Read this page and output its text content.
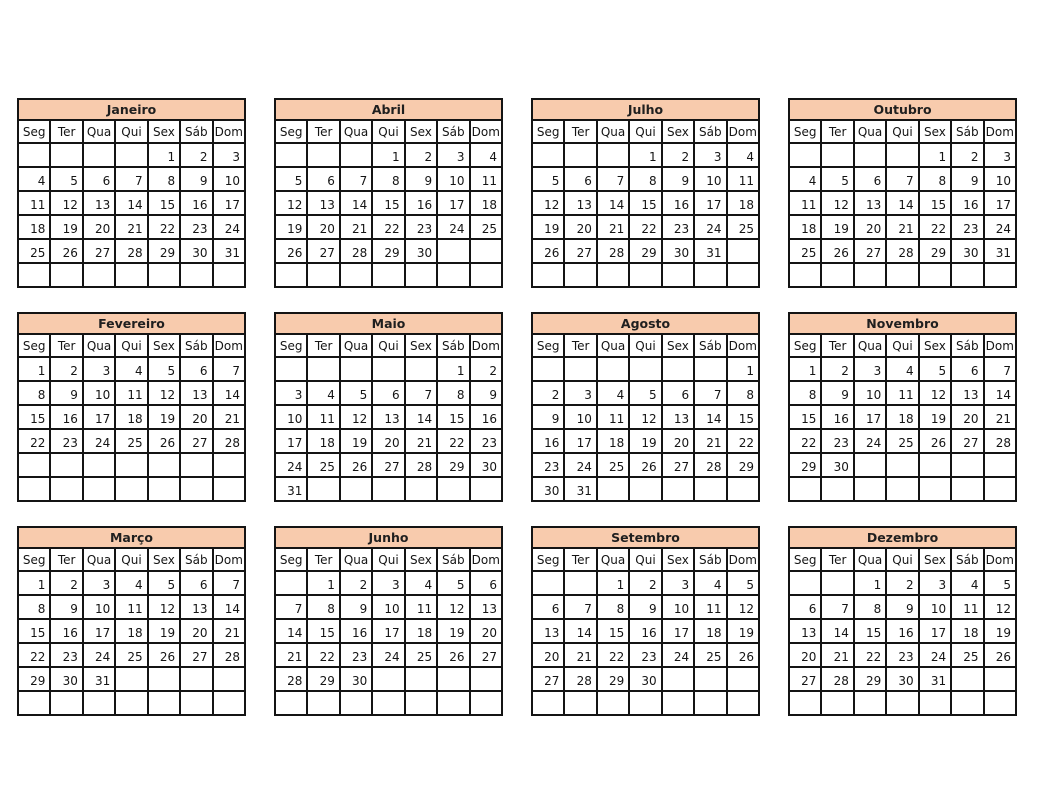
Janeiro						
Seg	Ter	Qua	Qui	Sex	Sáb	Dom
				1	2	3
4	5	6	7	8	9	10
11	12	13	14	15	16	17
18	19	20	21	22	23	24
25	26	27	28	29	30	31

Abril						
Seg	Ter	Qua	Qui	Sex	Sáb	Dom
			1	2	3	4
5	6	7	8	9	10	11
12	13	14	15	16	17	18
19	20	21	22	23	24	25
26	27	28	29	30		

Julho						
Seg	Ter	Qua	Qui	Sex	Sáb	Dom
			1	2	3	4
5	6	7	8	9	10	11
12	13	14	15	16	17	18
19	20	21	22	23	24	25
26	27	28	29	30	31	

Outubro						
Seg	Ter	Qua	Qui	Sex	Sáb	Dom
				1	2	3
4	5	6	7	8	9	10
11	12	13	14	15	16	17
18	19	20	21	22	23	24
25	26	27	28	29	30	31

Fevereiro						
Seg	Ter	Qua	Qui	Sex	Sáb	Dom
1	2	3	4	5	6	7
8	9	10	11	12	13	14
15	16	17	18	19	20	21
22	23	24	25	26	27	28

Maio						
Seg	Ter	Qua	Qui	Sex	Sáb	Dom
					1	2
3	4	5	6	7	8	9
10	11	12	13	14	15	16
17	18	19	20	21	22	23
24	25	26	27	28	29	30
31						
Agosto						
Seg	Ter	Qua	Qui	Sex	Sáb	Dom
						1
2	3	4	5	6	7	8
9	10	11	12	13	14	15
16	17	18	19	20	21	22
23	24	25	26	27	28	29
30	31					
Novembro						
Seg	Ter	Qua	Qui	Sex	Sáb	Dom
1	2	3	4	5	6	7
8	9	10	11	12	13	14
15	16	17	18	19	20	21
22	23	24	25	26	27	28
29	30					

Março						
Seg	Ter	Qua	Qui	Sex	Sáb	Dom
1	2	3	4	5	6	7
8	9	10	11	12	13	14
15	16	17	18	19	20	21
22	23	24	25	26	27	28
29	30	31				

Junho						
Seg	Ter	Qua	Qui	Sex	Sáb	Dom
	1	2	3	4	5	6
7	8	9	10	11	12	13
14	15	16	17	18	19	20
21	22	23	24	25	26	27
28	29	30				

Setembro						
Seg	Ter	Qua	Qui	Sex	Sáb	Dom
		1	2	3	4	5
6	7	8	9	10	11	12
13	14	15	16	17	18	19
20	21	22	23	24	25	26
27	28	29	30			

Dezembro						
Seg	Ter	Qua	Qui	Sex	Sáb	Dom
		1	2	3	4	5
6	7	8	9	10	11	12
13	14	15	16	17	18	19
20	21	22	23	24	25	26
27	28	29	30	31		
